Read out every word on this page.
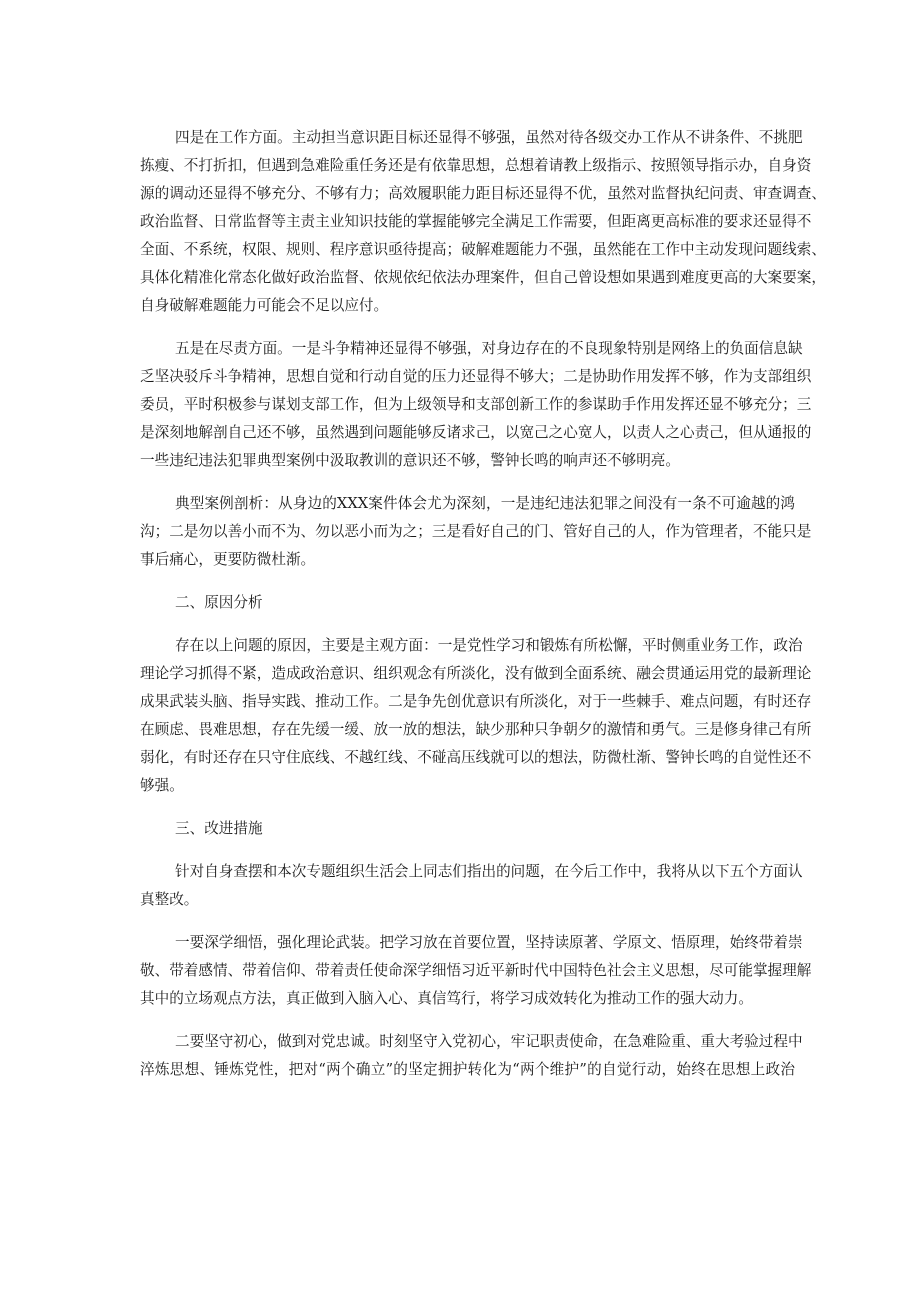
四是在工作方面。主动担当意识距目标还显得不够强，虽然对待各级交办工作从不讲条件、不挑肥
拣瘦、不打折扣，但遇到急难险重任务还是有依靠思想，总想着请教上级指示、按照领导指示办，自身资
源的调动还显得不够充分、不够有力；高效履职能力距目标还显得不优，虽然对监督执纪问责、审查调查、
政治监督、日常监督等主责主业知识技能的掌握能够完全满足工作需要，但距离更高标准的要求还显得不
全面、不系统，权限、规则、程序意识亟待提高；破解难题能力不强，虽然能在工作中主动发现问题线索、
具体化精准化常态化做好政治监督、依规依纪依法办理案件，但自己曾设想如果遇到难度更高的大案要案，
自身破解难题能力可能会不足以应付。
五是在尽责方面。一是斗争精神还显得不够强，对身边存在的不良现象特别是网络上的负面信息缺
乏坚决驳斥斗争精神，思想自觉和行动自觉的压力还显得不够大；二是协助作用发挥不够，作为支部组织
委员，平时积极参与谋划支部工作，但为上级领导和支部创新工作的参谋助手作用发挥还显不够充分；三
是深刻地解剖自己还不够，虽然遇到问题能够反诸求己，以宽己之心宽人，以责人之心责己，但从通报的
一些违纪违法犯罪典型案例中汲取教训的意识还不够，警钟长鸣的响声还不够明亮。
典型案例剖析：从身边的XXX案件体会尤为深刻，一是违纪违法犯罪之间没有一条不可逾越的鸿
沟；二是勿以善小而不为、勿以恶小而为之；三是看好自己的门、管好自己的人，作为管理者，不能只是
事后痛心，更要防微杜渐。
二、原因分析
存在以上问题的原因，主要是主观方面：一是党性学习和锻炼有所松懈，平时侧重业务工作，政治
理论学习抓得不紧，造成政治意识、组织观念有所淡化，没有做到全面系统、融会贯通运用党的最新理论
成果武装头脑、指导实践、推动工作。二是争先创优意识有所淡化，对于一些棘手、难点问题，有时还存
在顾虑、畏难思想，存在先缓一缓、放一放的想法，缺少那种只争朝夕的激情和勇气。三是修身律己有所
弱化，有时还存在只守住底线、不越红线、不碰高压线就可以的想法，防微杜渐、警钟长鸣的自觉性还不
够强。
三、改进措施
针对自身查摆和本次专题组织生活会上同志们指出的问题，在今后工作中，我将从以下五个方面认
真整改。
一要深学细悟，强化理论武装。把学习放在首要位置，坚持读原著、学原文、悟原理，始终带着崇
敬、带着感情、带着信仰、带着责任使命深学细悟习近平新时代中国特色社会主义思想，尽可能掌握理解
其中的立场观点方法，真正做到入脑入心、真信笃行，将学习成效转化为推动工作的强大动力。
二要坚守初心，做到对党忠诚。时刻坚守入党初心，牢记职责使命，在急难险重、重大考验过程中
淬炼思想、锤炼党性，把对“两个确立”的坚定拥护转化为“两个维护”的自觉行动，始终在思想上政治
